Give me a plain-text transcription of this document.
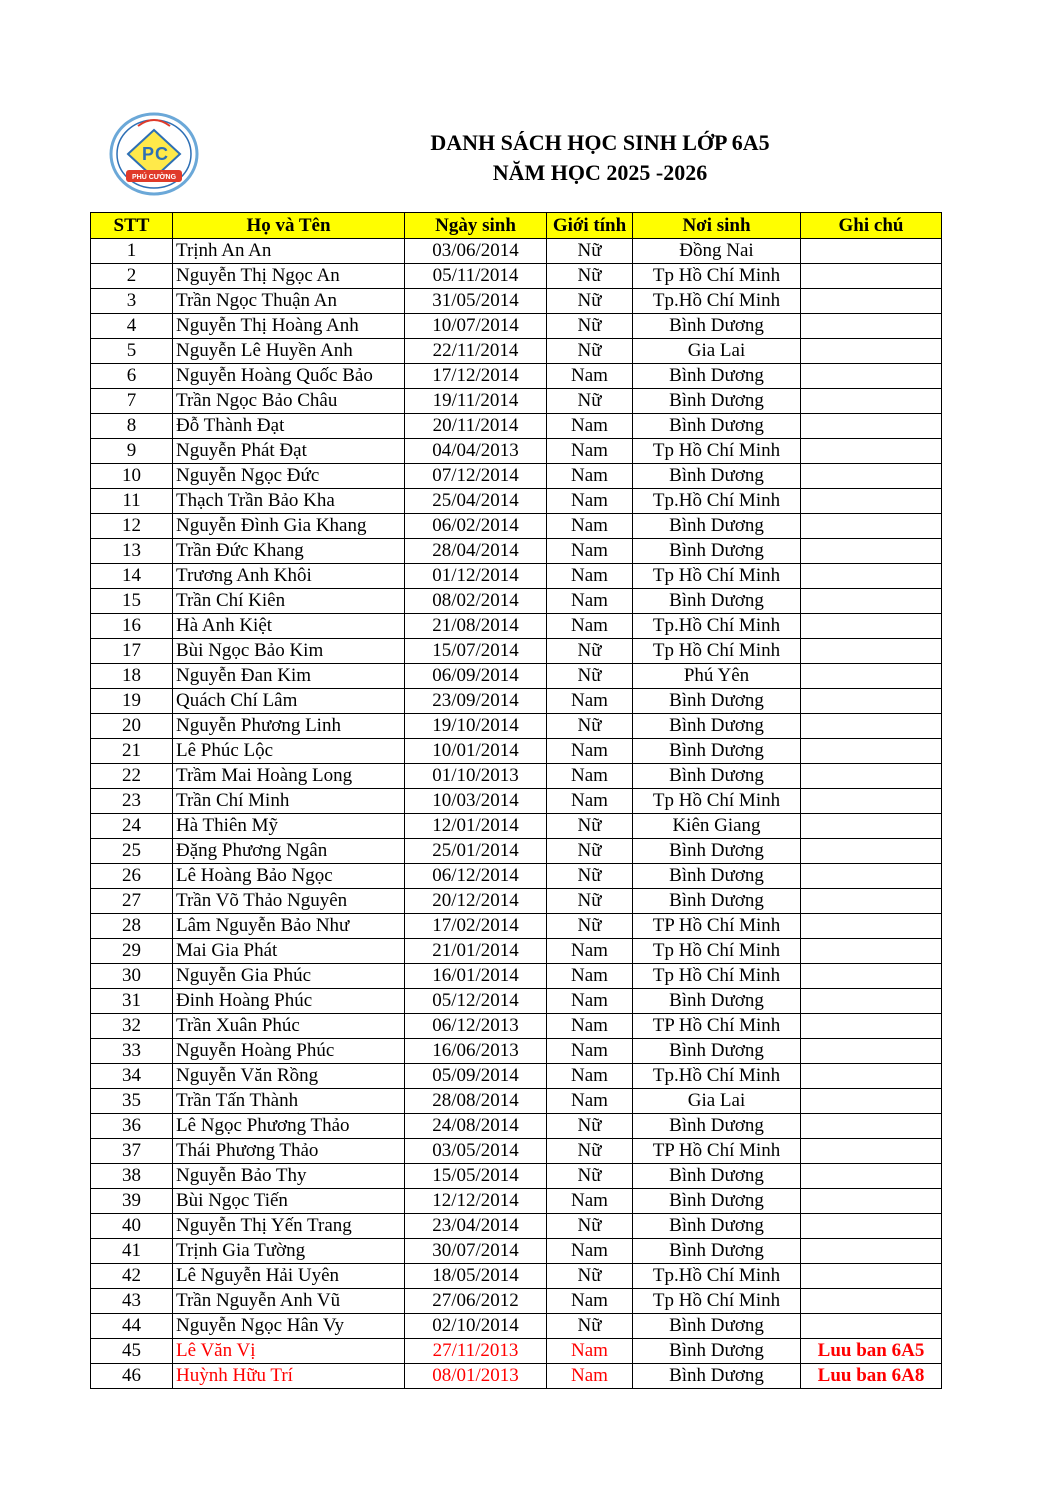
P C
PHÚ CƯỜNG
DANH SÁCH HỌC SINH LỚP 6A5
NĂM HỌC 2025 -2026
STT	Họ và Tên	Ngày sinh	Giới tính	Nơi sinh	Ghi chú
1	Trịnh An An	03/06/2014	Nữ	Đồng Nai	
2	Nguyễn Thị Ngọc An	05/11/2014	Nữ	Tp Hồ Chí Minh	
3	Trần Ngọc Thuận An	31/05/2014	Nữ	Tp.Hồ Chí Minh	
4	Nguyễn Thị Hoàng Anh	10/07/2014	Nữ	Bình Dương	
5	Nguyễn Lê Huyền Anh	22/11/2014	Nữ	Gia Lai	
6	Nguyễn Hoàng Quốc Bảo	17/12/2014	Nam	Bình Dương	
7	Trần Ngọc Bảo Châu	19/11/2014	Nữ	Bình Dương	
8	Đỗ Thành Đạt	20/11/2014	Nam	Bình Dương	
9	Nguyễn Phát Đạt	04/04/2013	Nam	Tp Hồ Chí Minh	
10	Nguyễn Ngọc Đức	07/12/2014	Nam	Bình Dương	
11	Thạch Trần Bảo Kha	25/04/2014	Nam	Tp.Hồ Chí Minh	
12	Nguyễn Đình Gia Khang	06/02/2014	Nam	Bình Dương	
13	Trần Đức Khang	28/04/2014	Nam	Bình Dương	
14	Trương Anh Khôi	01/12/2014	Nam	Tp Hồ Chí Minh	
15	Trần Chí Kiên	08/02/2014	Nam	Bình Dương	
16	Hà Anh Kiệt	21/08/2014	Nam	Tp.Hồ Chí Minh	
17	Bùi Ngọc Bảo Kim	15/07/2014	Nữ	Tp Hồ Chí Minh	
18	Nguyễn Đan Kim	06/09/2014	Nữ	Phú Yên	
19	Quách Chí Lâm	23/09/2014	Nam	Bình Dương	
20	Nguyễn Phương Linh	19/10/2014	Nữ	Bình Dương	
21	Lê Phúc Lộc	10/01/2014	Nam	Bình Dương	
22	Trầm Mai Hoàng Long	01/10/2013	Nam	Bình Dương	
23	Trần Chí Minh	10/03/2014	Nam	Tp Hồ Chí Minh	
24	Hà Thiên Mỹ	12/01/2014	Nữ	Kiên Giang	
25	Đặng Phương Ngân	25/01/2014	Nữ	Bình Dương	
26	Lê Hoàng Bảo Ngọc	06/12/2014	Nữ	Bình Dương	
27	Trần Võ Thảo Nguyên	20/12/2014	Nữ	Bình Dương	
28	Lâm Nguyễn Bảo Như	17/02/2014	Nữ	TP Hồ Chí Minh	
29	Mai Gia Phát	21/01/2014	Nam	Tp Hồ Chí Minh	
30	Nguyễn Gia Phúc	16/01/2014	Nam	Tp Hồ Chí Minh	
31	Đinh Hoàng Phúc	05/12/2014	Nam	Bình Dương	
32	Trần Xuân Phúc	06/12/2013	Nam	TP Hồ Chí Minh	
33	Nguyễn Hoàng Phúc	16/06/2013	Nam	Bình Dương	
34	Nguyễn Văn Rồng	05/09/2014	Nam	Tp.Hồ Chí Minh	
35	Trần Tấn Thành	28/08/2014	Nam	Gia Lai	
36	Lê Ngọc Phương Thảo	24/08/2014	Nữ	Bình Dương	
37	Thái Phương Thảo	03/05/2014	Nữ	TP Hồ Chí Minh	
38	Nguyễn Bảo Thy	15/05/2014	Nữ	Bình Dương	
39	Bùi Ngọc Tiến	12/12/2014	Nam	Bình Dương	
40	Nguyễn Thị Yến Trang	23/04/2014	Nữ	Bình Dương	
41	Trịnh Gia Tường	30/07/2014	Nam	Bình Dương	
42	Lê Nguyễn Hải Uyên	18/05/2014	Nữ	Tp.Hồ Chí Minh	
43	Trần Nguyễn Anh Vũ	27/06/2012	Nam	Tp Hồ Chí Minh	
44	Nguyễn Ngọc Hân Vy	02/10/2014	Nữ	Bình Dương	
45	Lê Văn Vị	27/11/2013	Nam	Bình Dương	Luu ban 6A5
46	Huỳnh Hữu Trí	08/01/2013	Nam	Bình Dương	Luu ban 6A8
